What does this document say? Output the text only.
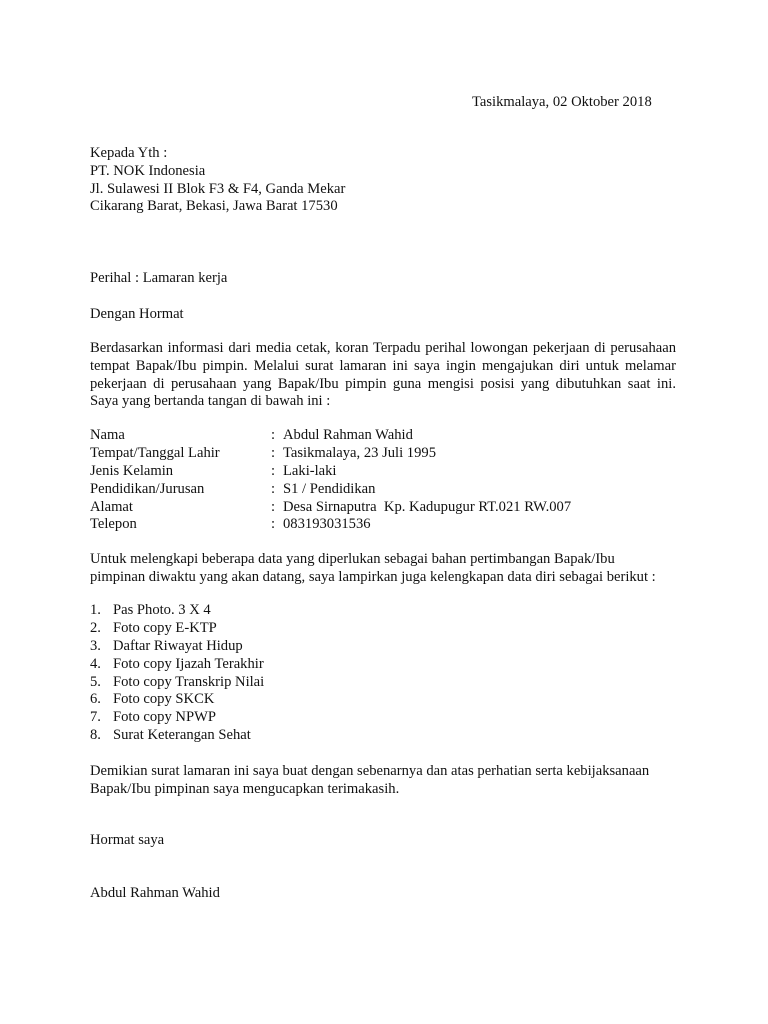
Tasikmalaya, 02 Oktober 2018
Kepada Yth :
PT. NOK Indonesia
Jl. Sulawesi II Blok F3 & F4, Ganda Mekar
Cikarang Barat, Bekasi, Jawa Barat 17530
Perihal : Lamaran kerja
Dengan Hormat
Berdasarkan informasi dari media cetak, koran Terpadu perihal lowongan pekerjaan di perusahaan
tempat Bapak/Ibu pimpin. Melalui surat lamaran ini saya ingin mengajukan diri untuk melamar
pekerjaan di perusahaan yang Bapak/Ibu pimpin guna mengisi posisi yang dibutuhkan saat ini.
Saya yang bertanda tangan di bawah ini :
Nama	: Abdul Rahman Wahid
Tempat/Tanggal Lahir	: Tasikmalaya, 23 Juli 1995
Jenis Kelamin	: Laki-laki
Pendidikan/Jurusan	: S1 / Pendidikan
Alamat	: Desa Sirnaputra  Kp. Kadupugur RT.021 RW.007
Telepon	: 083193031536
Untuk melengkapi beberapa data yang diperlukan sebagai bahan pertimbangan Bapak/Ibu
pimpinan diwaktu yang akan datang, saya lampirkan juga kelengkapan data diri sebagai berikut :
1. Pas Photo. 3 X 4
2. Foto copy E-KTP
3. Daftar Riwayat Hidup
4. Foto copy Ijazah Terakhir
5. Foto copy Transkrip Nilai
6. Foto copy SKCK
7. Foto copy NPWP
8. Surat Keterangan Sehat
Demikian surat lamaran ini saya buat dengan sebenarnya dan atas perhatian serta kebijaksanaan
Bapak/Ibu pimpinan saya mengucapkan terimakasih.
Hormat saya
Abdul Rahman Wahid
